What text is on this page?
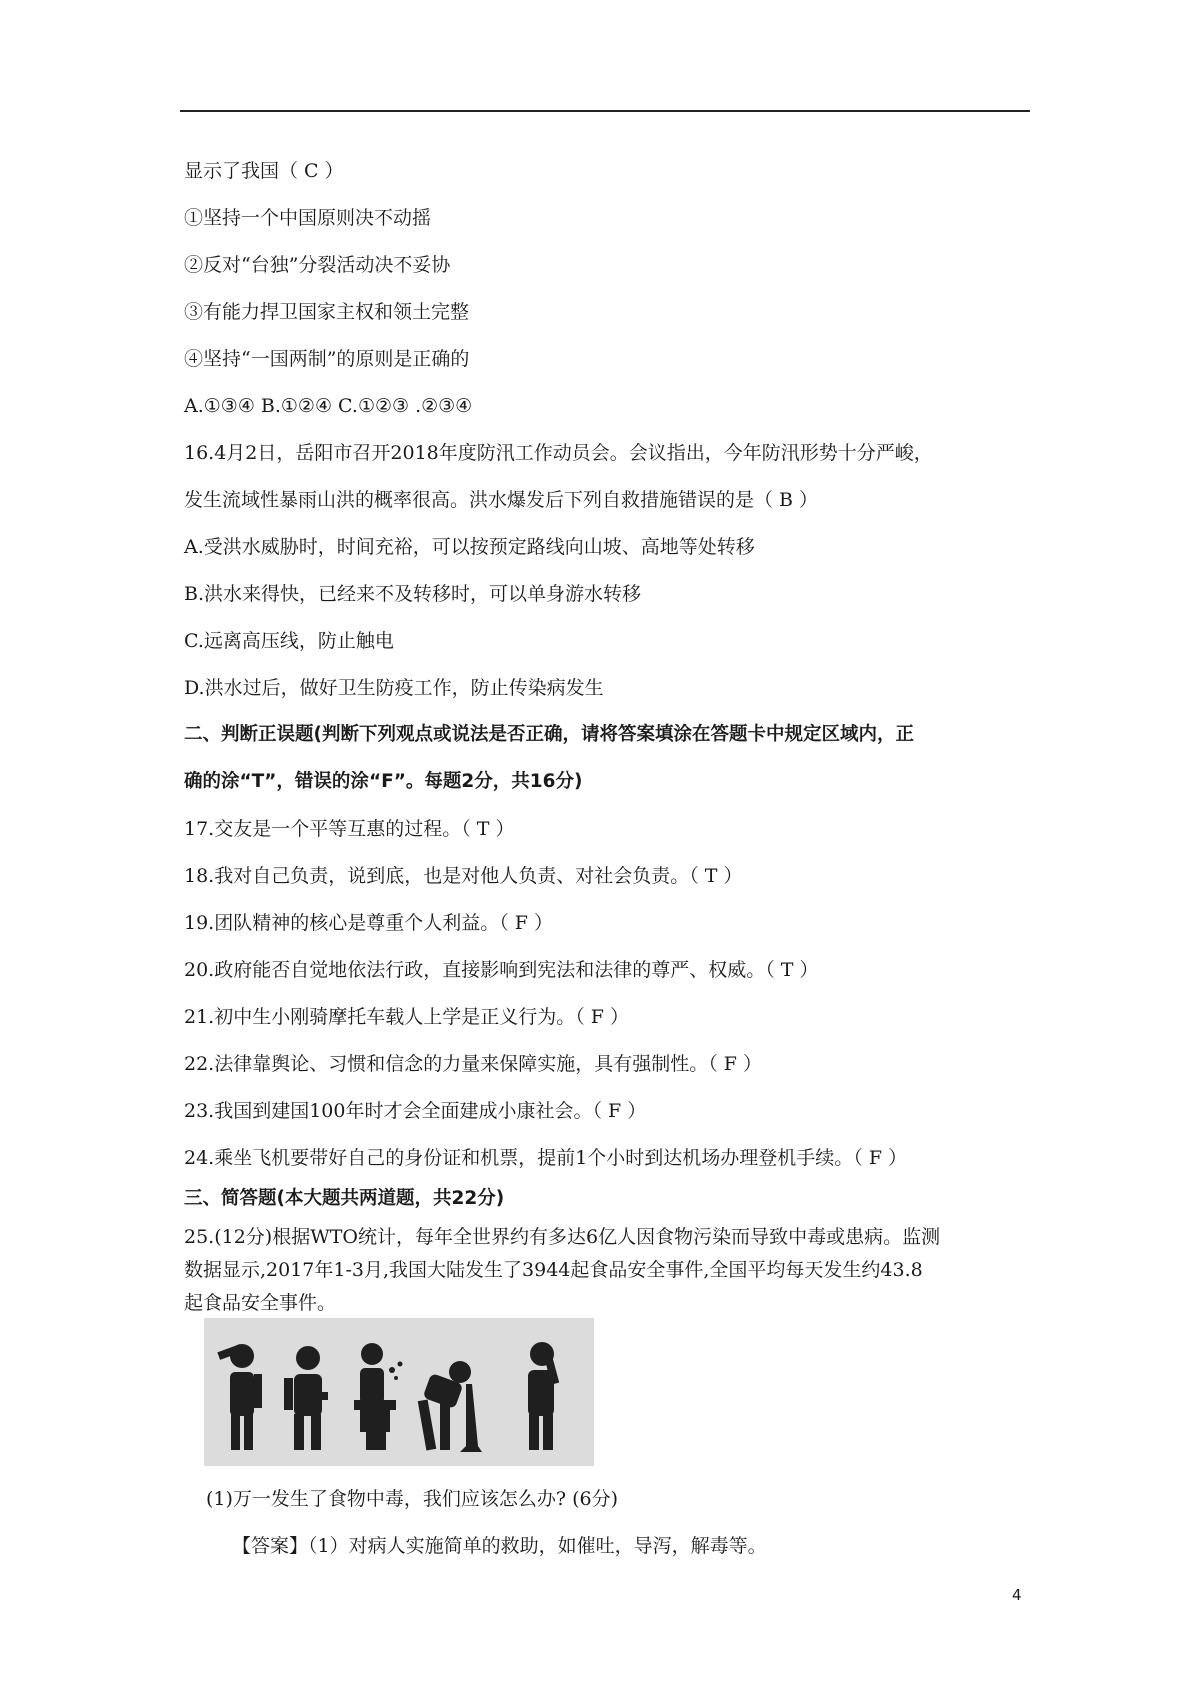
显示了我国（ C ）
①坚持一个中国原则决不动摇
②反对“台独”分裂活动决不妥协
③有能力捍卫国家主权和领土完整
④坚持“一国两制”的原则是正确的
A.①③④ B.①②④ C.①②③ .②③④
16.4月2日，岳阳市召开2018年度防汛工作动员会。会议指出，今年防汛形势十分严峻，
发生流域性暴雨山洪的概率很高。洪水爆发后下列自救措施错误的是（ B ）
A.受洪水威胁时，时间充裕，可以按预定路线向山坡、高地等处转移
B.洪水来得快，已经来不及转移时，可以单身游水转移
C.远离高压线，防止触电
D.洪水过后，做好卫生防疫工作，防止传染病发生
二、判断正误题(判断下列观点或说法是否正确，请将答案填涂在答题卡中规定区域内，正
确的涂“T”，错误的涂“F”。每题2分，共16分)
17.交友是一个平等互惠的过程。（ T ）
18.我对自己负责，说到底，也是对他人负责、对社会负责。（ T ）
19.团队精神的核心是尊重个人利益。（ F ）
20.政府能否自觉地依法行政，直接影响到宪法和法律的尊严、权威。（ T ）
21.初中生小刚骑摩托车载人上学是正义行为。（ F ）
22.法律靠舆论、习惯和信念的力量来保障实施，具有强制性。（ F ）
23.我国到建国100年时才会全面建成小康社会。（ F ）
24.乘坐飞机要带好自己的身份证和机票，提前1个小时到达机场办理登机手续。（ F ）
三、简答题(本大题共两道题，共22分)
25.(12分)根据WTO统计，每年全世界约有多达6亿人因食物污染而导致中毒或患病。监测
数据显示,2017年1-3月,我国大陆发生了3944起食品安全事件,全国平均每天发生约43.8
起食品安全事件。
(1)万一发生了食物中毒，我们应该怎么办? (6分)
【答案】（1）对病人实施简单的救助，如催吐，导泻，解毒等。
4
